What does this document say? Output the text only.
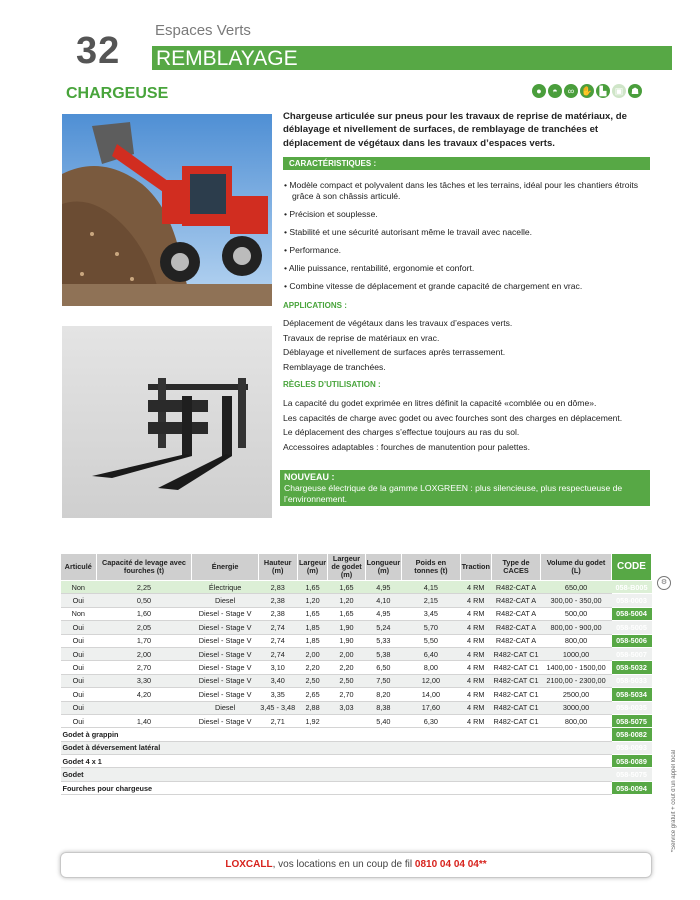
32 Espaces Verts
REMBLAYAGE
CHARGEUSE	●	◓	∞ ✋ ▙ ▣ ☗
Chargeuse articulée sur pneus pour les travaux de reprise de matériaux, de déblayage et nivellement de surfaces, de remblayage de tranchées et déplacement de végétaux dans les travaux d’espaces verts.
CARACTÉRISTIQUES :
• Modèle compact et polyvalent dans les tâches et les terrains, idéal pour les chantiers étroits grâce à son châssis articulé.
• Précision et souplesse.
• Stabilité et une sécurité autorisant même le travail avec nacelle.
• Performance.
• Allie puissance, rentabilité, ergonomie et confort.
• Combine vitesse de déplacement et grande capacité de chargement en vrac.
APPLICATIONS :
Déplacement de végétaux dans les travaux d’espaces verts.
Travaux de reprise de matériaux en vrac.
Déblayage et nivellement de surfaces après terrassement.
Remblayage de tranchées.
RÈGLES D’UTILISATION :
La capacité du godet exprimée en litres définit la capacité «comblée ou en dôme».
Les capacités de charge avec godet ou avec fourches sont des charges en déplacement.
Le déplacement des charges s’effectue toujours au ras du sol.
Accessoires adaptables : fourches de manutention pour palettes.
NOUVEAU :
Chargeuse électrique de la gamme LOXGREEN : plus silencieuse, plus respectueuse de l’environnement.
Articulé	Capacité de levage avec fourches (t)	Énergie	Hauteur (m)	Largeur (m)	Largeur de godet (m)	Longueur (m)	Poids en tonnes (t)	Traction	Type de CACES	Volume du godet (L)	CODE
Non	2,25	Électrique	2,83	1,65	1,65	4,95	4,15	4 RM	R482-CAT A	650,00	058-B005
Oui	0,50	Diesel	2,38	1,20	1,20	4,10	2,15	4 RM	R482-CAT A	300,00 - 350,00	058-0003
Non	1,60	Diesel - Stage V	2,38	1,65	1,65	4,95	3,45	4 RM	R482-CAT A	500,00	058-5004
Oui	2,05	Diesel - Stage V	2,74	1,85	1,90	5,24	5,70	4 RM	R482-CAT A	800,00 - 900,00	058-5005
Oui	1,70	Diesel - Stage V	2,74	1,85	1,90	5,33	5,50	4 RM	R482-CAT A	800,00	058-5006
Oui	2,00	Diesel - Stage V	2,74	2,00	2,00	5,38	6,40	4 RM	R482-CAT C1	1000,00	058-5007
Oui	2,70	Diesel - Stage V	3,10	2,20	2,20	6,50	8,00	4 RM	R482-CAT C1	1400,00 - 1500,00	058-5032
Oui	3,30	Diesel - Stage V	3,40	2,50	2,50	7,50	12,00	4 RM	R482-CAT C1	2100,00 - 2300,00	058-5033
Oui	4,20	Diesel - Stage V	3,35	2,65	2,70	8,20	14,00	4 RM	R482-CAT C1	2500,00	058-5034
Oui		Diesel	3,45 - 3,48	2,88	3,03	8,38	17,60	4 RM	R482-CAT C1	3000,00	058-0035
Oui	1,40	Diesel - Stage V	2,71	1,92		5,40	6,30	4 RM	R482-CAT C1	800,00	058-5075
Godet à grappin											058-0082
Godet à déversement latéral											058-0093
Godet 4 x 1											058-0089
Godet											058-5075
Fourches pour chargeuse											058-0094
⚙
*Service gratuit + coût d’un appel local
LOXCALL, vos locations en un coup de fil 0810 04 04 04**
